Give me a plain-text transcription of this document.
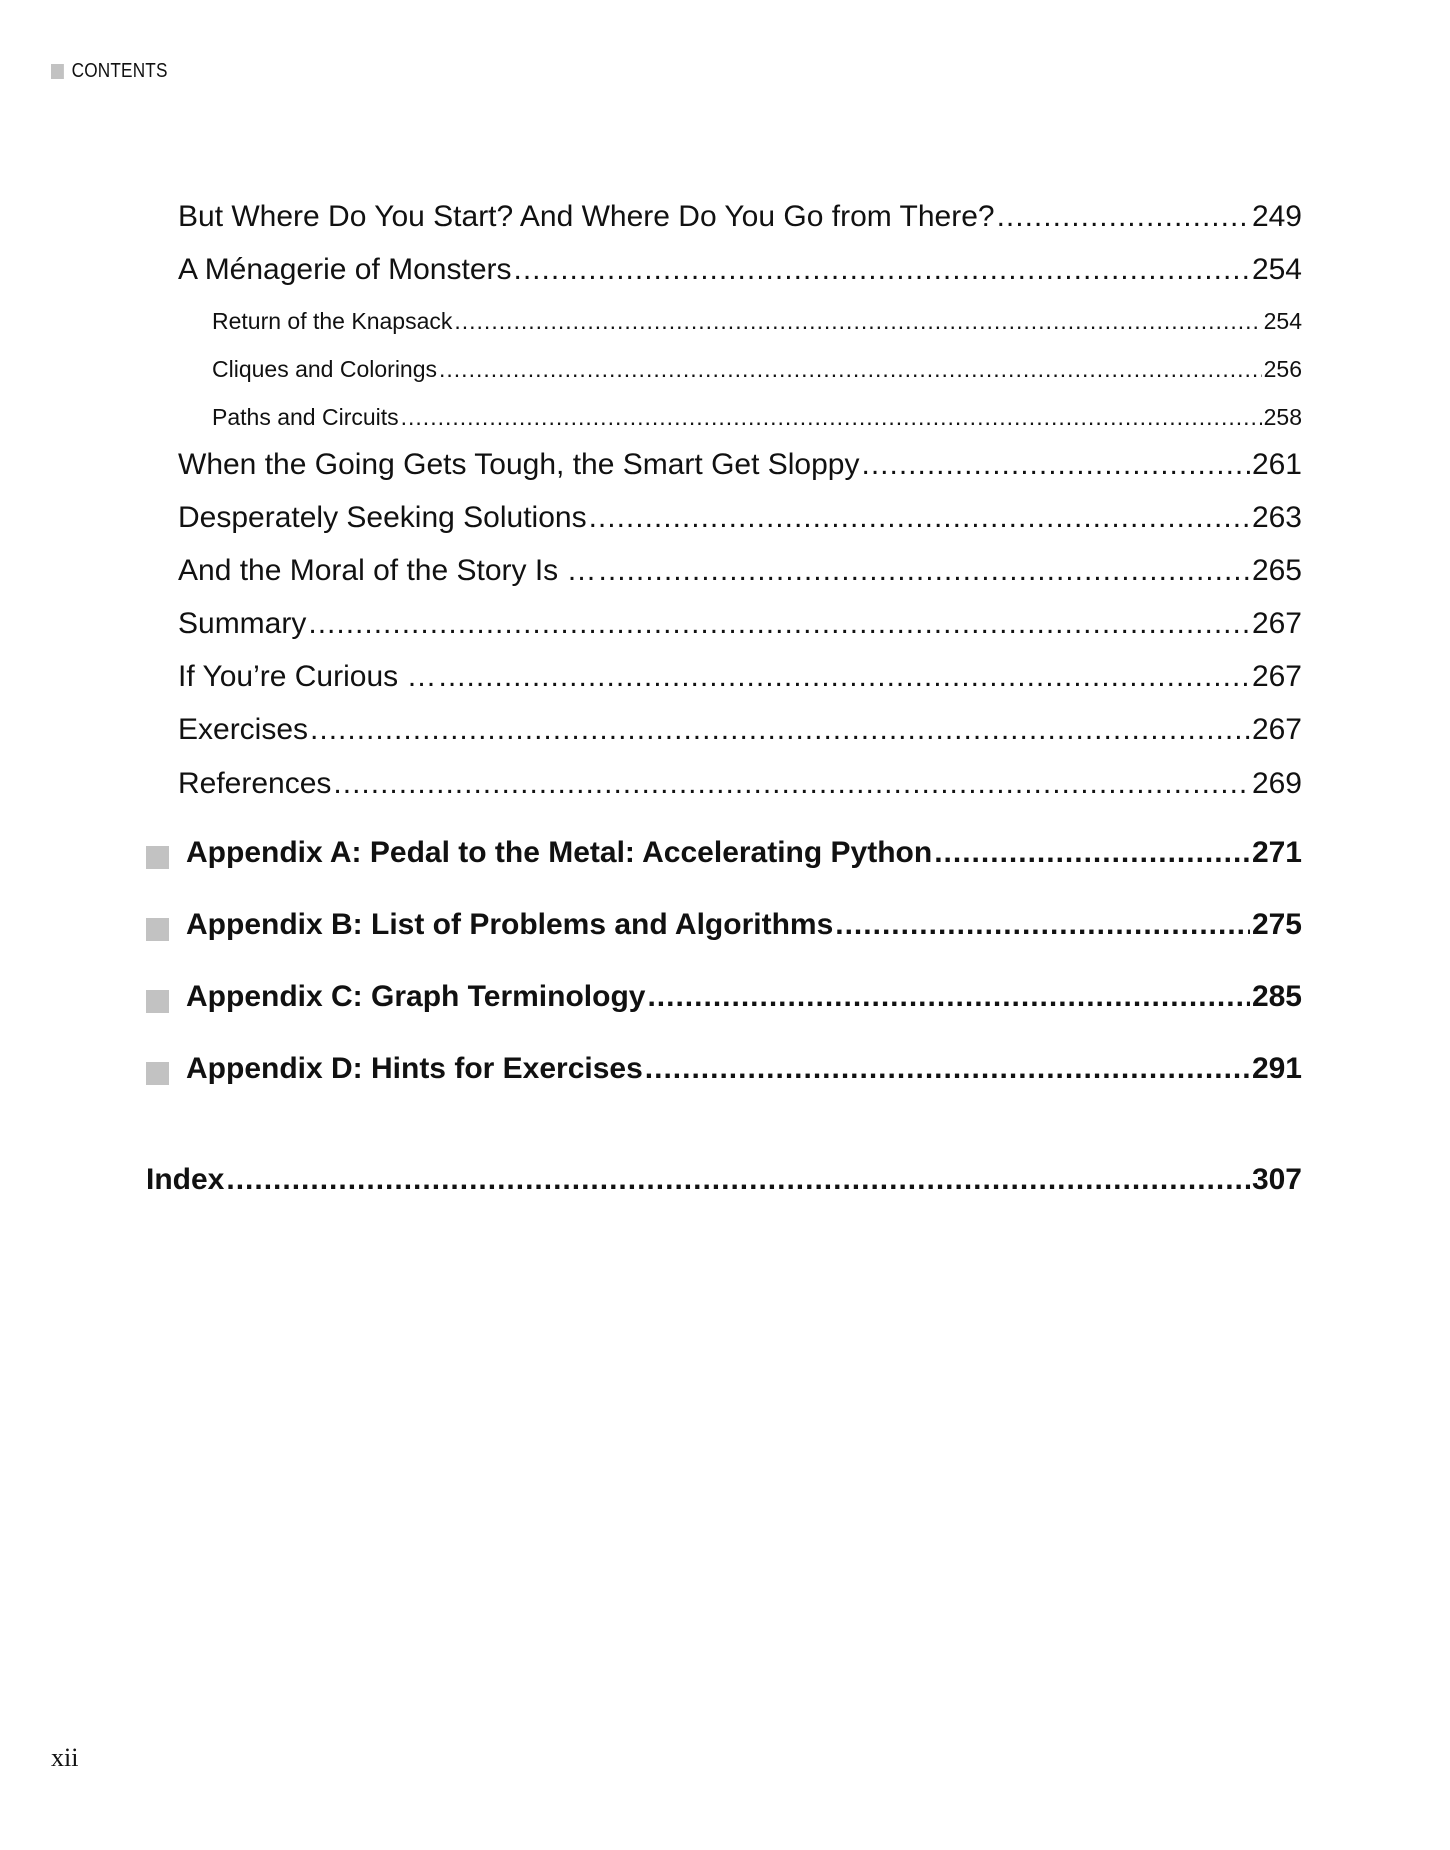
CONTENTS
But Where Do You Start? And Where Do You Go from There? .....	249
A Ménagerie of Monsters .....	254
Return of the Knapsack .....	254
Cliques and Colorings .....	256
Paths and Circuits .....	258
When the Going Gets Tough, the Smart Get Sloppy .....	261
Desperately Seeking Solutions .....	263
And the Moral of the Story Is … .....	265
Summary .....	267
If You’re Curious … .....	267
Exercises .....	267
References .....	269
Appendix A: Pedal to the Metal: Accelerating Python .....	271
Appendix B: List of Problems and Algorithms .....	275
Appendix C: Graph Terminology .....	285
Appendix D: Hints for Exercises .....	291
Index .....	307
xii
